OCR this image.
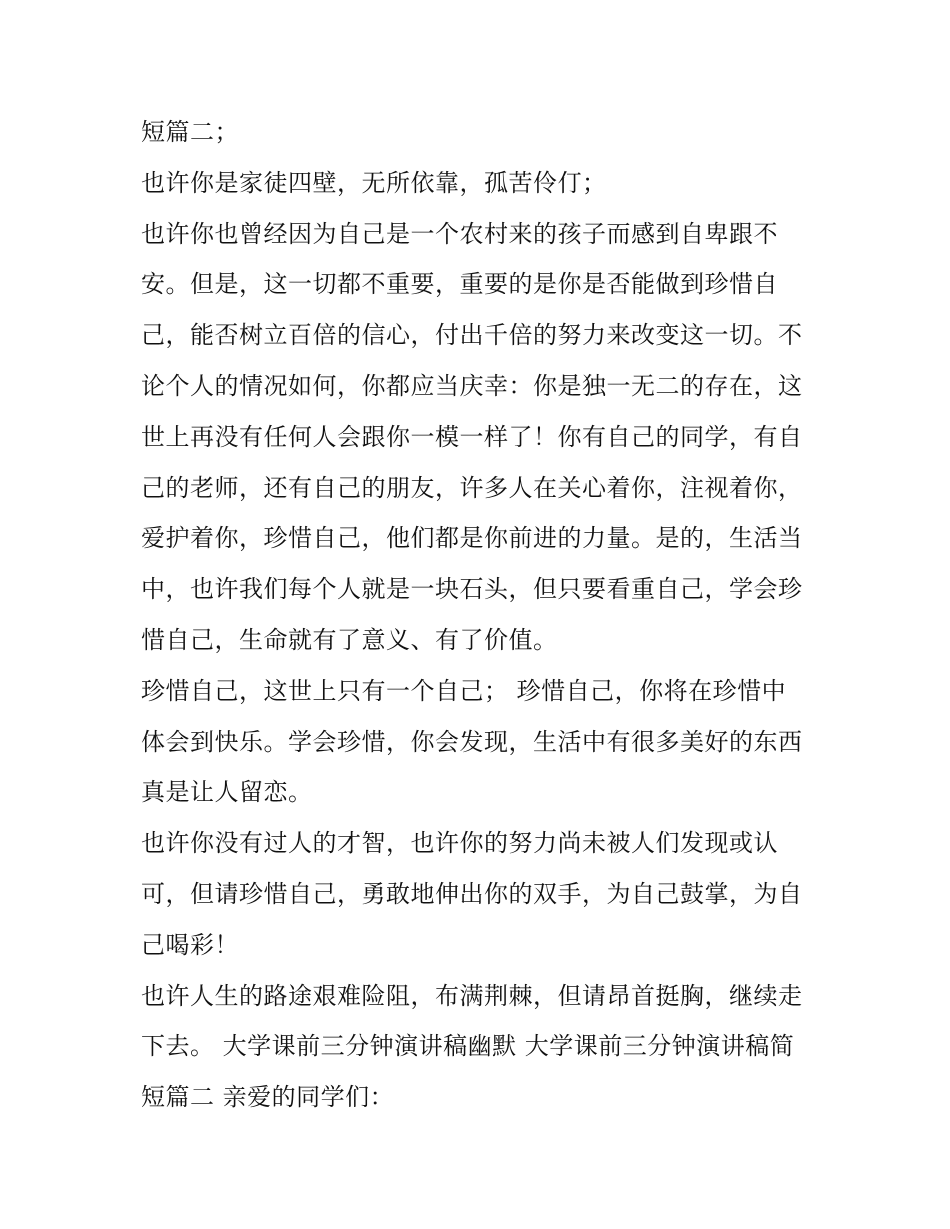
短篇二；
也许你是家徒四壁，无所依靠，孤苦伶仃；
也许你也曾经因为自己是一个农村来的孩子而感到自卑跟不
安。但是，这一切都不重要，重要的是你是否能做到珍惜自
己，能否树立百倍的信心，付出千倍的努力来改变这一切。不
论个人的情况如何，你都应当庆幸：你是独一无二的存在，这
世上再没有任何人会跟你一模一样了！你有自己的同学，有自
己的老师，还有自己的朋友，许多人在关心着你，注视着你，
爱护着你，珍惜自己，他们都是你前进的力量。是的，生活当
中，也许我们每个人就是一块石头，但只要看重自己，学会珍
惜自己，生命就有了意义、有了价值。
珍惜自己，这世上只有一个自己； 珍惜自己，你将在珍惜中
体会到快乐。学会珍惜，你会发现，生活中有很多美好的东西
真是让人留恋。
也许你没有过人的才智，也许你的努力尚未被人们发现或认
可，但请珍惜自己，勇敢地伸出你的双手，为自己鼓掌，为自
己喝彩！
也许人生的路途艰难险阻，布满荆棘，但请昂首挺胸，继续走
下去。 大学课前三分钟演讲稿幽默 大学课前三分钟演讲稿简
短篇二 亲爱的同学们：
